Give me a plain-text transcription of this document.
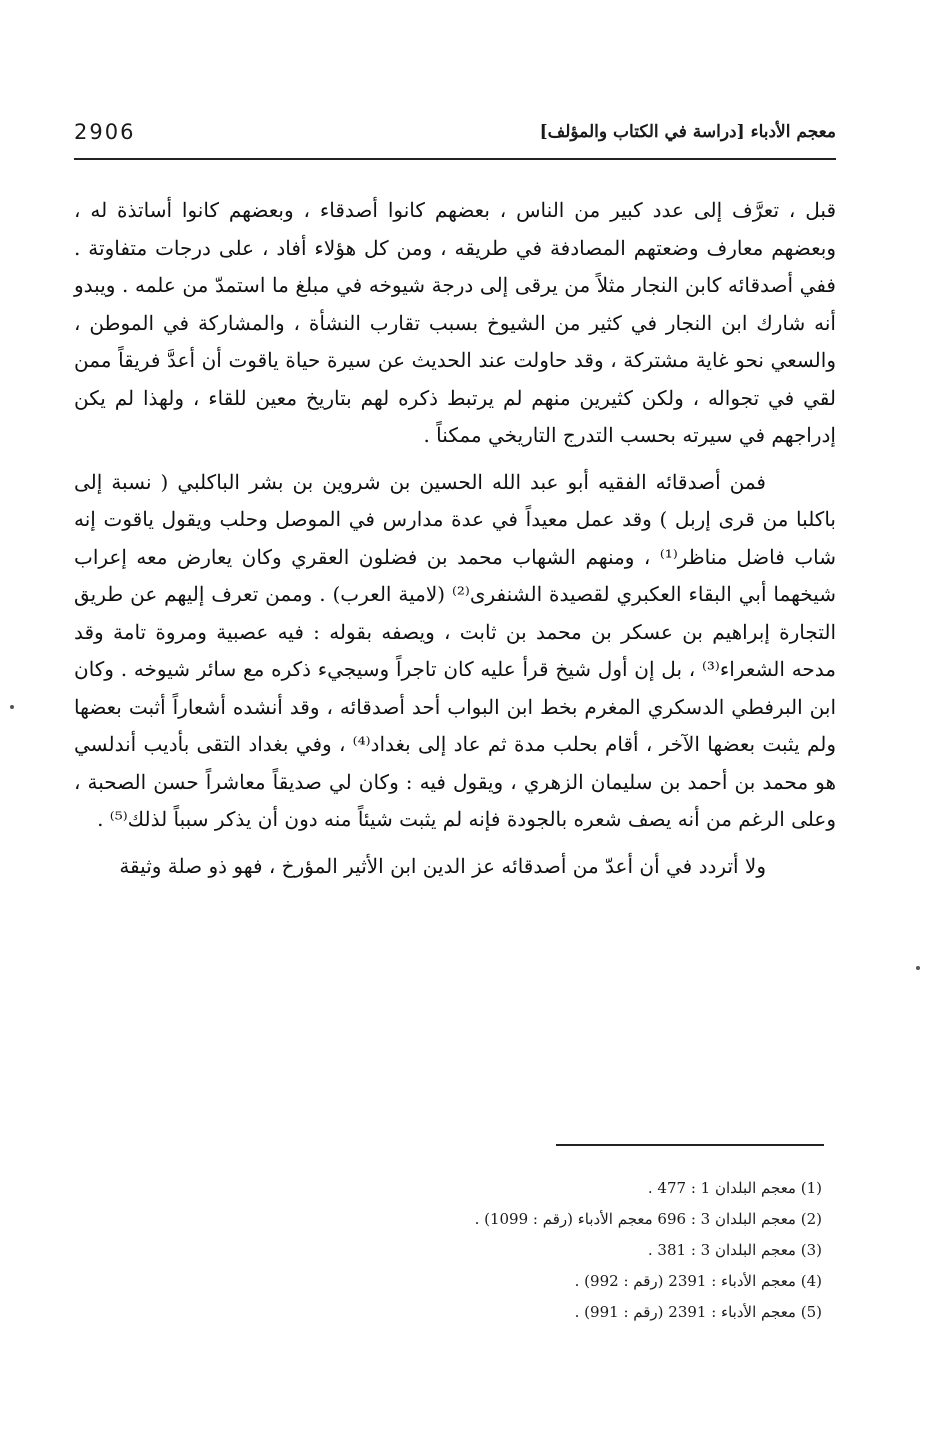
2906	معجم الأدباء [دراسة في الكتاب والمؤلف]

قبل ، تعرَّف إلى عدد كبير من الناس ، بعضهم كانوا أصدقاء ، وبعضهم كانوا أساتذة له ، وبعضهم معارف وضعتهم المصادفة في طريقه ، ومن كل هؤلاء أفاد ، على درجات متفاوتة . ففي أصدقائه كابن النجار مثلاً من يرقى إلى درجة شيوخه في مبلغ ما استمدّ من علمه . ويبدو أنه شارك ابن النجار في كثير من الشيوخ بسبب تقارب النشأة ، والمشاركة في الموطن ، والسعي نحو غاية مشتركة ، وقد حاولت عند الحديث عن سيرة حياة ياقوت أن أعدَّ فريقاً ممن لقي في تجواله ، ولكن كثيرين منهم لم يرتبط ذكره لهم بتاريخ معين للقاء ، ولهذا لم يكن إدراجهم في سيرته بحسب التدرج التاريخي ممكناً .

فمن أصدقائه الفقيه أبو عبد الله الحسين بن شروين بن بشر الباكلبي ( نسبة إلى باكلبا من قرى إربل ) وقد عمل معيداً في عدة مدارس في الموصل وحلب ويقول ياقوت إنه شاب فاضل مناظر⁽¹⁾ ، ومنهم الشهاب محمد بن فضلون العقري وكان يعارض معه إعراب شيخهما أبي البقاء العكبري لقصيدة الشنفرى⁽²⁾ (لامية العرب) . وممن تعرف إليهم عن طريق التجارة إبراهيم بن عسكر بن محمد بن ثابت ، ويصفه بقوله : فيه عصبية ومروة تامة وقد مدحه الشعراء⁽³⁾ ، بل إن أول شيخ قرأ عليه كان تاجراً وسيجيء ذكره مع سائر شيوخه . وكان ابن البرفطي الدسكري المغرم بخط ابن البواب أحد أصدقائه ، وقد أنشده أشعاراً أثبت بعضها ولم يثبت بعضها الآخر ، أقام بحلب مدة ثم عاد إلى بغداد⁽⁴⁾ ، وفي بغداد التقى بأديب أندلسي هو محمد بن أحمد بن سليمان الزهري ، ويقول فيه : وكان لي صديقاً معاشراً حسن الصحبة ، وعلى الرغم من أنه يصف شعره بالجودة فإنه لم يثبت شيئاً منه دون أن يذكر سبباً لذلك⁽⁵⁾ .

ولا أتردد في أن أعدّ من أصدقائه عز الدين ابن الأثير المؤرخ ، فهو ذو صلة وثيقة

(1) معجم البلدان 1 : 477 .
(2) معجم البلدان 3 : 696 معجم الأدباء (رقم : 1099) .
(3) معجم البلدان 3 : 381 .
(4) معجم الأدباء : 2391 (رقم : 992) .
(5) معجم الأدباء : 2391 (رقم : 991) .
